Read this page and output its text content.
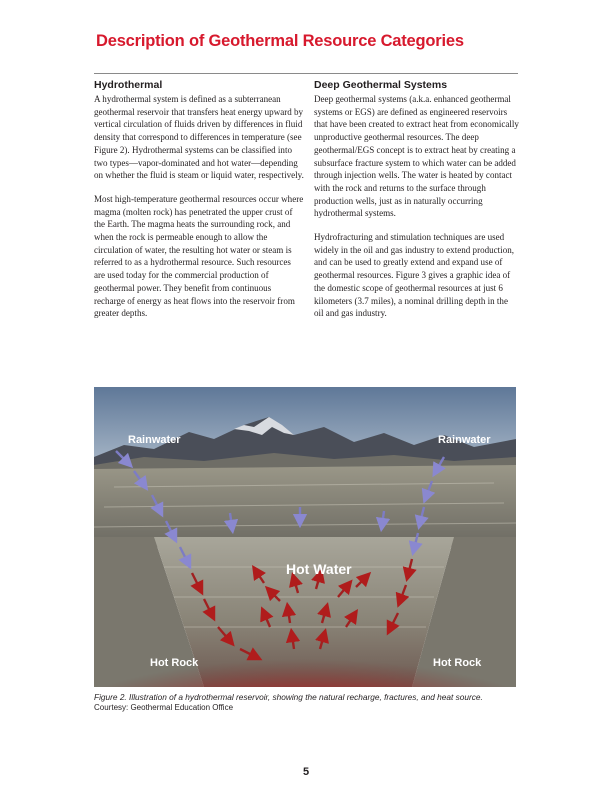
Description of Geothermal Resource Categories
Hydrothermal

A hydrothermal system is defined as a subterranean geothermal reservoir that transfers heat energy upward by vertical circulation of fluids driven by differences in fluid density that correspond to differences in temperature (see Figure 2). Hydrothermal systems can be classified into two types—vapor-dominated and hot water—depending on whether the fluid is steam or liquid water, respectively.

Most high-temperature geothermal resources occur where magma (molten rock) has penetrated the upper crust of the Earth. The magma heats the surrounding rock, and when the rock is permeable enough to allow the circulation of water, the resulting hot water or steam is referred to as a hydrothermal resource. Such resources are used today for the commercial production of geothermal power. They benefit from continuous recharge of energy as heat flows into the reservoir from greater depths.

Deep Geothermal Systems

Deep geothermal systems (a.k.a. enhanced geothermal systems or EGS) are defined as engineered reservoirs that have been created to extract heat from economically unproductive geothermal resources. The deep geothermal/EGS concept is to extract heat by creating a subsurface fracture system to which water can be added through injection wells. The water is heated by contact with the rock and returns to the surface through production wells, just as in naturally occurring hydrothermal systems.

Hydrofracturing and stimulation techniques are used widely in the oil and gas industry to extend production, and can be used to greatly extend and expand use of geothermal resources. Figure 3 gives a graphic idea of the domestic scope of geothermal resources at just 6 kilometers (3.7 miles), a nominal drilling depth in the oil and gas industry.

Rainwater	Rainwater
Hot Water
Hot Rock	Hot Rock
Figure 2. Illustration of a hydrothermal reservoir, showing the natural recharge, fractures, and heat source.
Courtesy: Geothermal Education Office
5
